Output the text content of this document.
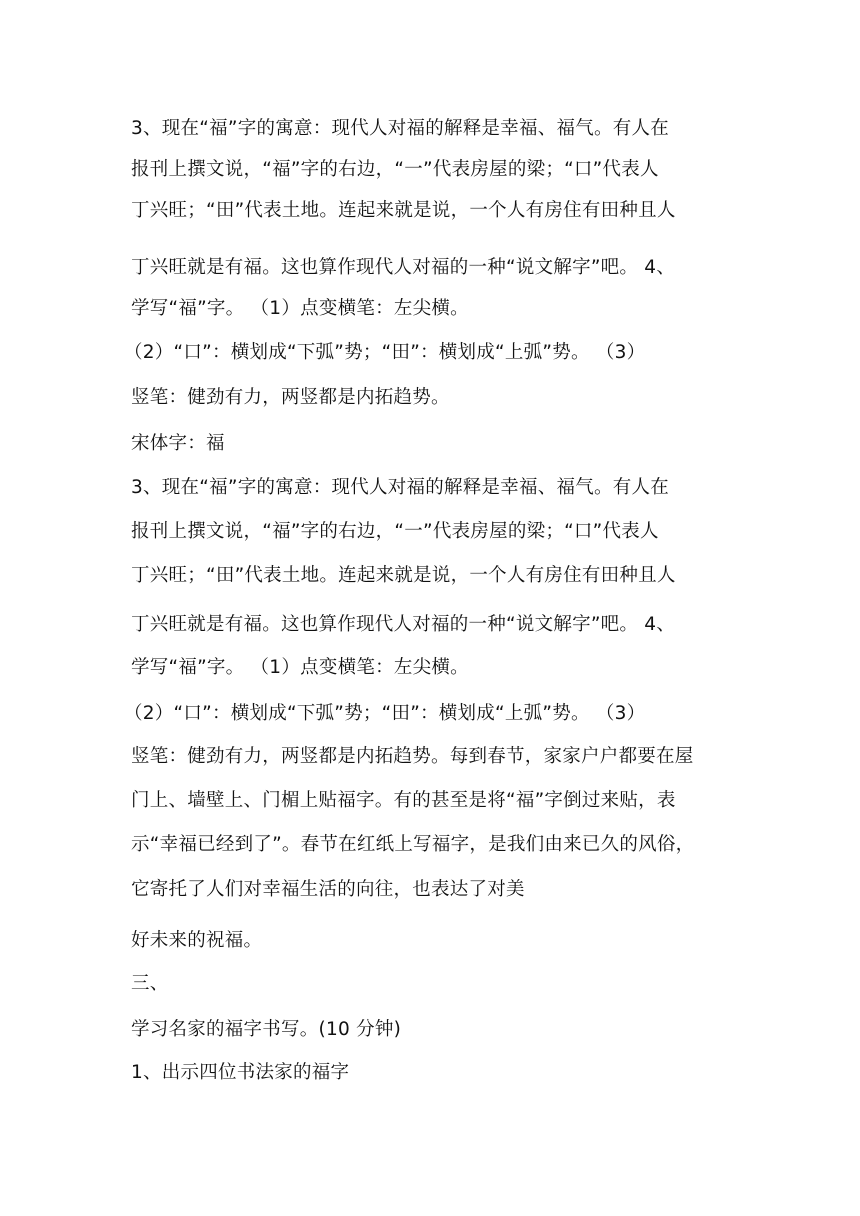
3、现在“福”字的寓意：现代人对福的解释是幸福、福气。有人在
报刊上撰文说，“福”字的右边，“一”代表房屋的梁；“口”代表人
丁兴旺；“田”代表土地。连起来就是说，一个人有房住有田种且人
丁兴旺就是有福。这也算作现代人对福的一种“说文解字”吧。 4、
学写“福”字。 （1）点变横笔：左尖横。
（2）“口”：横划成“下弧”势；“田”：横划成“上弧”势。 （3）
竖笔：健劲有力，两竖都是内拓趋势。
宋体字：福
3、现在“福”字的寓意：现代人对福的解释是幸福、福气。有人在
报刊上撰文说，“福”字的右边，“一”代表房屋的梁；“口”代表人
丁兴旺；“田”代表土地。连起来就是说，一个人有房住有田种且人
丁兴旺就是有福。这也算作现代人对福的一种“说文解字”吧。 4、
学写“福”字。 （1）点变横笔：左尖横。
（2）“口”：横划成“下弧”势；“田”：横划成“上弧”势。 （3）
竖笔：健劲有力，两竖都是内拓趋势。每到春节，家家户户都要在屋
门上、墙壁上、门楣上贴福字。有的甚至是将“福”字倒过来贴，表
示“幸福已经到了”。春节在红纸上写福字，是我们由来已久的风俗，
它寄托了人们对幸福生活的向往，也表达了对美
好未来的祝福。
三、
学习名家的福字书写。(10 分钟)
1、出示四位书法家的福字
